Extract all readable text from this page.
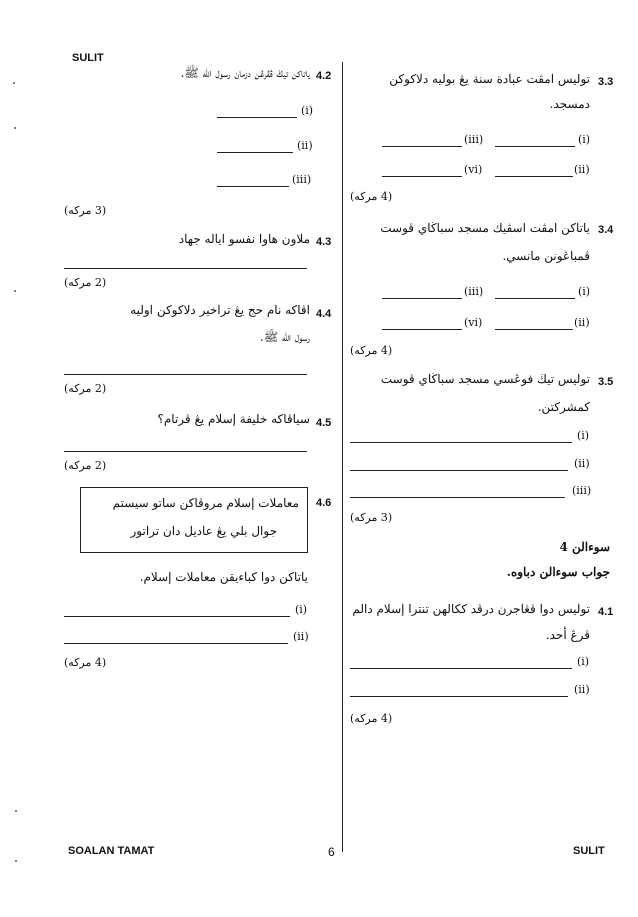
SULIT
SOALAN TAMAT	6	SULIT
3.3
توليس امڤت عبادة سنة يڠ بوليه دلاكوكن
دمسجد.
(i)
(iii)
(ii)
(vi)
(4 مركه)
3.4
ياتاكن امڤت اسڤيك مسجد سباڬاي ڤوست
ڤمباڠونن مانسي.
(i)
(iii)
(ii)
(vi)
(4 مركه)
3.5
توليس تيڬ فوڠسي مسجد سباڬاي ڤوست
كمشركتن.
(i)
(ii)
(iii)
(3 مركه)
سوءالن 4
جواب سوءالن دباوه.
4.1
توليس دوا ڤڠاجرن درڤد ككالهن تنترا إسلام دالم
ڤرڠ أحد.
(i)
(ii)
(4 مركه)
4.2
ياتاكن تيڬ ڤڤرڠن دزمان رسول الله ﷺ.
(i)
(ii)
(iii)
(3 مركه)
4.3
ملاون هاوا نفسو اياله جهاد
(2 مركه)
4.4
اڤاكه نام حج يڠ تراخير دلاكوكن اوليه
رسول الله ﷺ.
(2 مركه)
4.5
سياڤاكه خليفة إسلام يڠ ڤرتام؟
(2 مركه)
4.6
معاملات إسلام مروڤاكن ساتو سيستم
جوال بلي يڠ عاديل دان تراتور
ياتاكن دوا كباءيقن معاملات إسلام.
(i)
(ii)
(4 مركه)
